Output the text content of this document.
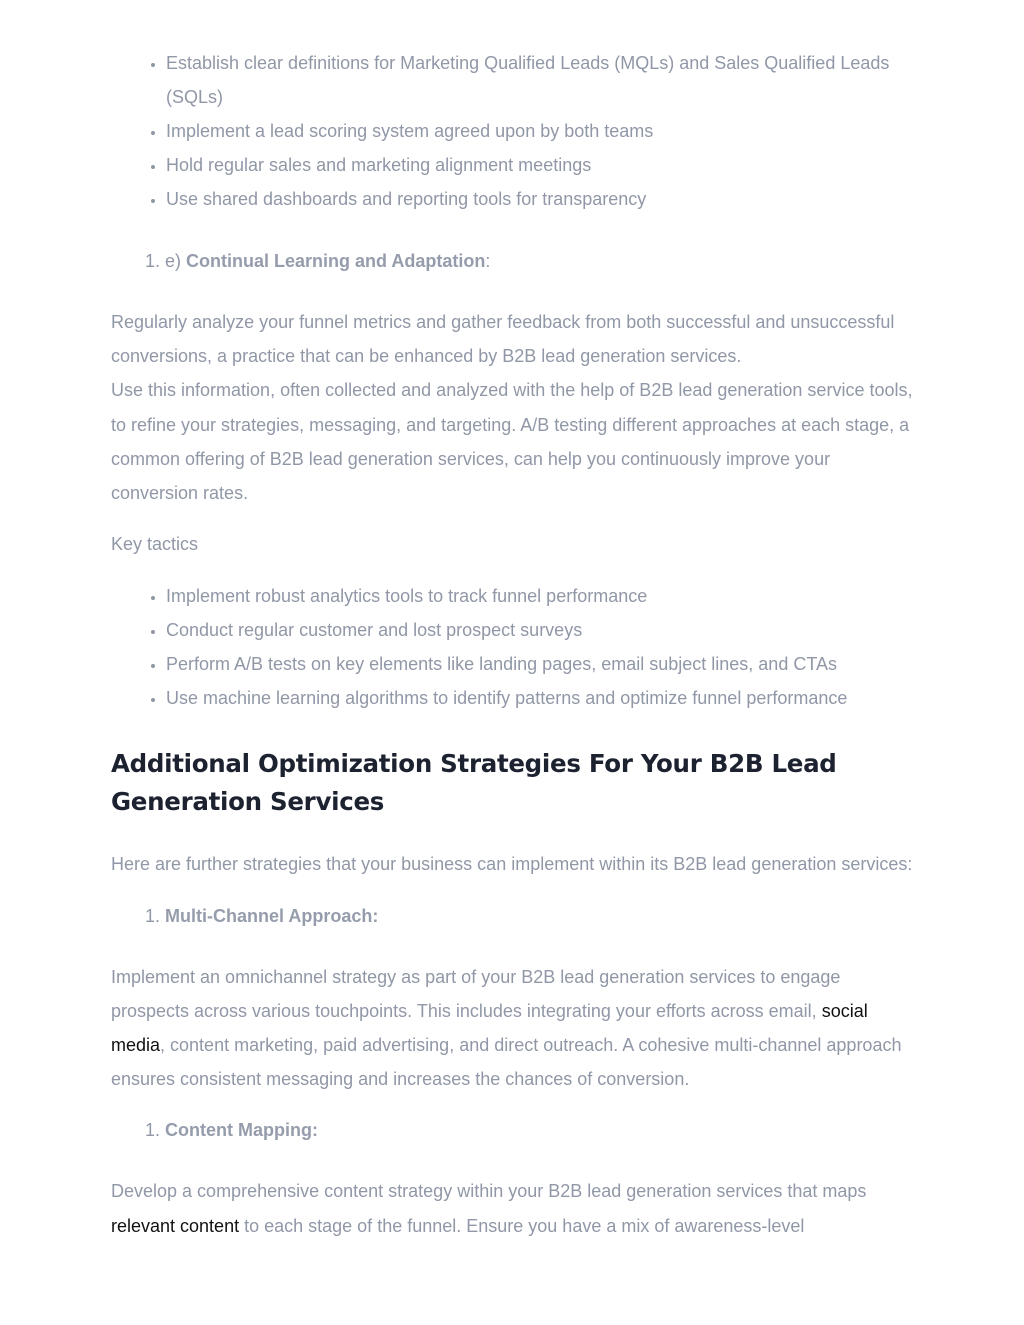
• Establish clear definitions for Marketing Qualified Leads (MQLs) and Sales Qualified Leads (SQLs)
• Implement a lead scoring system agreed upon by both teams
• Hold regular sales and marketing alignment meetings
• Use shared dashboards and reporting tools for transparency
1. e) Continual Learning and Adaptation:

Regularly analyze your funnel metrics and gather feedback from both successful and unsuccessful conversions, a practice that can be enhanced by B2B lead generation services.

Use this information, often collected and analyzed with the help of B2B lead generation service tools, to refine your strategies, messaging, and targeting. A/B testing different approaches at each stage, a common offering of B2B lead generation services, can help you continuously improve your conversion rates.

Key tactics

• Implement robust analytics tools to track funnel performance
• Conduct regular customer and lost prospect surveys
• Perform A/B tests on key elements like landing pages, email subject lines, and CTAs
• Use machine learning algorithms to identify patterns and optimize funnel performance
Additional Optimization Strategies For Your B2B Lead Generation Services

Here are further strategies that your business can implement within its B2B lead generation services:

1. Multi-Channel Approach:

Implement an omnichannel strategy as part of your B2B lead generation services to engage prospects across various touchpoints. This includes integrating your efforts across email, social media, content marketing, paid advertising, and direct outreach. A cohesive multi-channel approach ensures consistent messaging and increases the chances of conversion.

1. Content Mapping:

Develop a comprehensive content strategy within your B2B lead generation services that maps relevant content to each stage of the funnel. Ensure you have a mix of awareness-level
